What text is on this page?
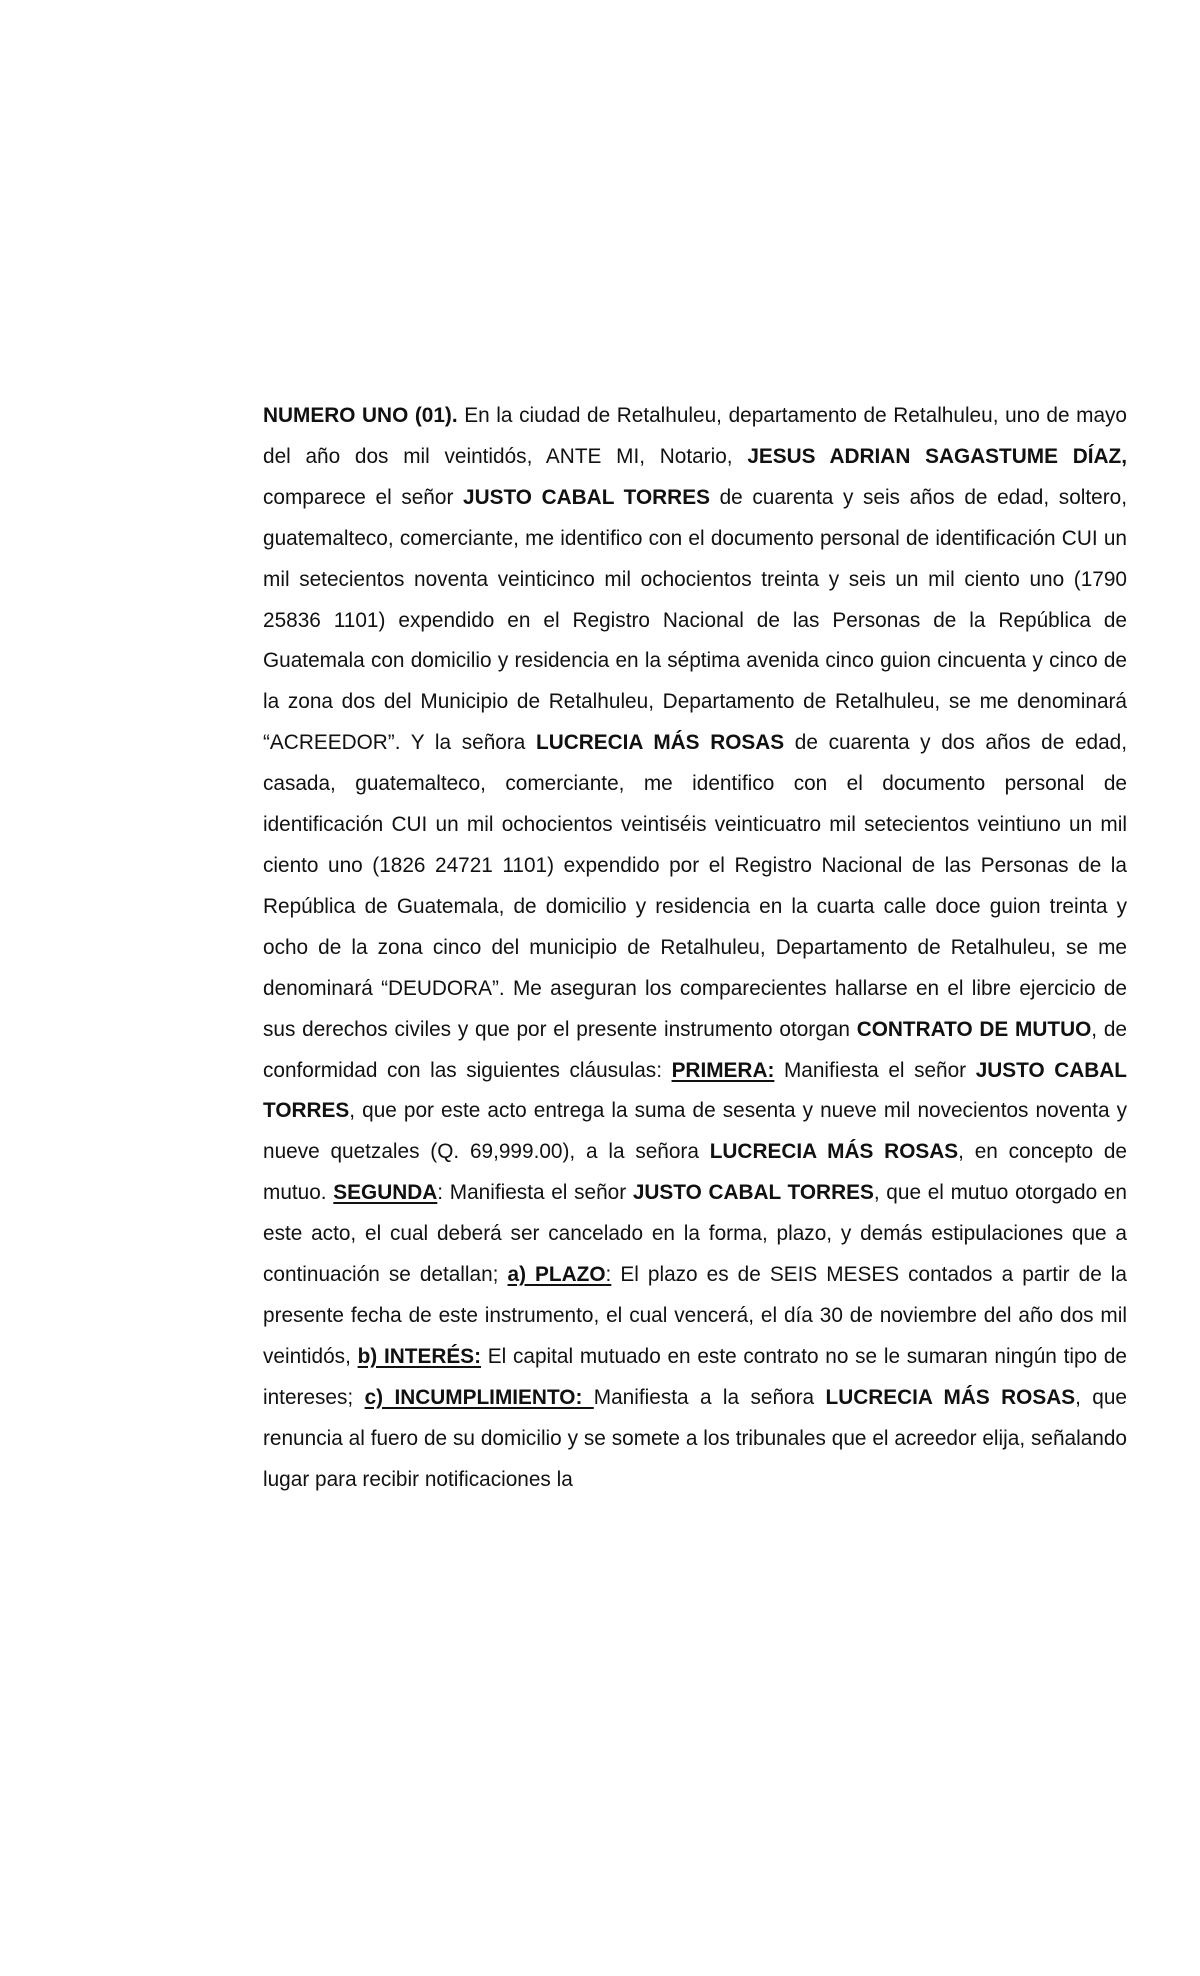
NUMERO UNO (01). En la ciudad de Retalhuleu, departamento de Retalhuleu, uno de mayo del año dos mil veintidós, ANTE MI, Notario, JESUS ADRIAN SAGASTUME DÍAZ, comparece el señor JUSTO CABAL TORRES de cuarenta y seis años de edad, soltero, guatemalteco, comerciante, me identifico con el documento personal de identificación CUI un mil setecientos noventa veinticinco mil ochocientos treinta y seis un mil ciento uno (1790 25836 1101) expendido en el Registro Nacional de las Personas de la República de Guatemala con domicilio y residencia en la séptima avenida cinco guion cincuenta y cinco de la zona dos del Municipio de Retalhuleu, Departamento de Retalhuleu, se me denominará “ACREEDOR”. Y la señora LUCRECIA MÁS ROSAS de cuarenta y dos años de edad, casada, guatemalteco, comerciante, me identifico con el documento personal de identificación CUI un mil ochocientos veintiséis veinticuatro mil setecientos veintiuno un mil ciento uno (1826 24721 1101) expendido por el Registro Nacional de las Personas de la República de Guatemala, de domicilio y residencia en la cuarta calle doce guion treinta y ocho de la zona cinco del municipio de Retalhuleu, Departamento de Retalhuleu, se me denominará “DEUDORA”. Me aseguran los comparecientes hallarse en el libre ejercicio de sus derechos civiles y que por el presente instrumento otorgan CONTRATO DE MUTUO, de conformidad con las siguientes cláusulas: PRIMERA: Manifiesta el señor JUSTO CABAL TORRES, que por este acto entrega la suma de sesenta y nueve mil novecientos noventa y nueve quetzales (Q. 69,999.00), a la señora LUCRECIA MÁS ROSAS, en concepto de mutuo. SEGUNDA: Manifiesta el señor JUSTO CABAL TORRES, que el mutuo otorgado en este acto, el cual deberá ser cancelado en la forma, plazo, y demás estipulaciones que a continuación se detallan; a) PLAZO: El plazo es de SEIS MESES contados a partir de la presente fecha de este instrumento, el cual vencerá, el día 30 de noviembre del año dos mil veintidós, b) INTERÉS: El capital mutuado en este contrato no se le sumaran ningún tipo de intereses; c) INCUMPLIMIENTO: Manifiesta a la señora LUCRECIA MÁS ROSAS, que renuncia al fuero de su domicilio y se somete a los tribunales que el acreedor elija, señalando lugar para recibir notificaciones la
